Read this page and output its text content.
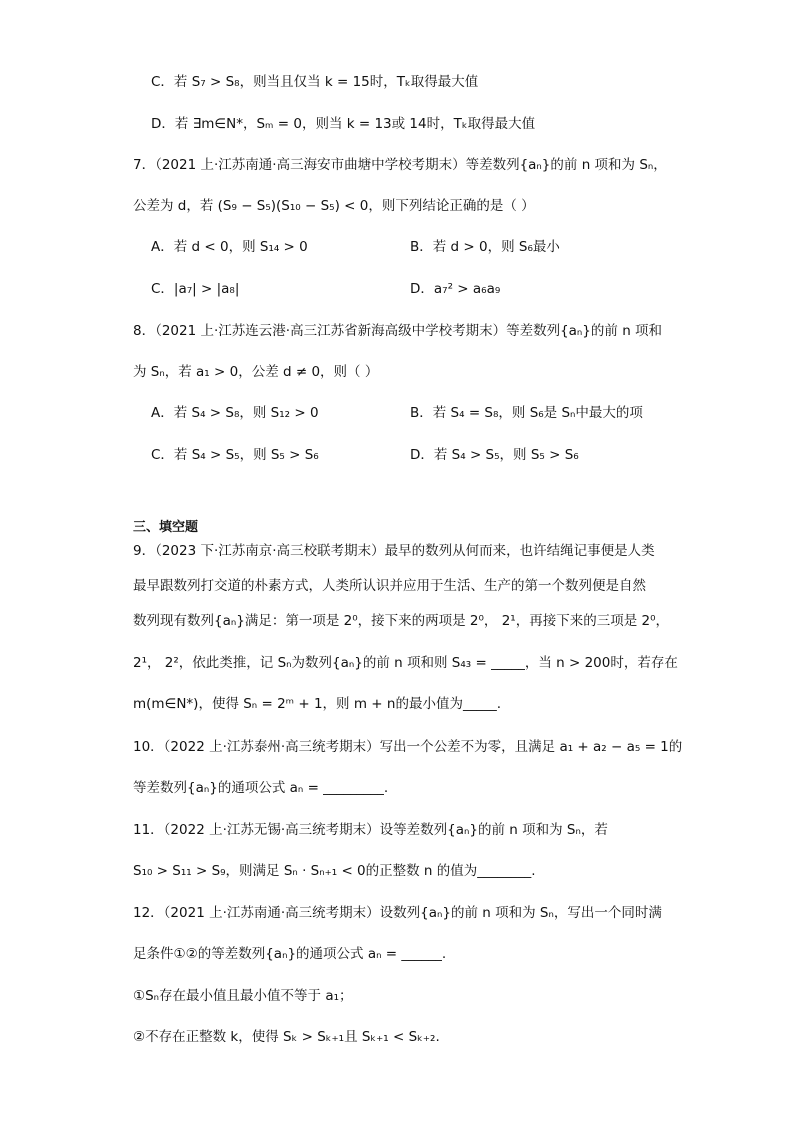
C．若 S₇ > S₈，则当且仅当 k = 15时，Tₖ取得最大值
D．若 ∃m∈N*，Sₘ = 0，则当 k = 13或 14时，Tₖ取得最大值
7．（2021 上·江苏南通·高三海安市曲塘中学校考期末）等差数列{aₙ}的前 n 项和为 Sₙ，
公差为 d，若 (S₉ − S₅)(S₁₀ − S₅) < 0，则下列结论正确的是（ ）
A．若 d < 0，则 S₁₄ > 0	B．若 d > 0，则 S₆最小
C．|a₇| > |a₈|	D．a₇² > a₆a₉
8．（2021 上·江苏连云港·高三江苏省新海高级中学校考期末）等差数列{aₙ}的前 n 项和
为 Sₙ，若 a₁ > 0，公差 d ≠ 0，则（ ）
A．若 S₄ > S₈，则 S₁₂ > 0	B．若 S₄ = S₈，则 S₆是 Sₙ中最大的项
C．若 S₄ > S₅，则 S₅ > S₆	D．若 S₄ > S₅，则 S₅ > S₆
三、填空题
9．（2023 下·江苏南京·高三校联考期末）最早的数列从何而来，也许结绳记事便是人类
最早跟数列打交道的朴素方式，人类所认识并应用于生活、生产的第一个数列便是自然
数列现有数列{aₙ}满足：第一项是 2⁰，接下来的两项是 2⁰， 2¹，再接下来的三项是 2⁰，
2¹， 2²，依此类推，记 Sₙ为数列{aₙ}的前 n 项和则 S₄₃ = _____，当 n > 200时，若存在
m(m∈N*)，使得 Sₙ = 2ᵐ + 1，则 m + n的最小值为_____.
10．（2022 上·江苏泰州·高三统考期末）写出一个公差不为零，且满足 a₁ + a₂ − a₅ = 1的
等差数列{aₙ}的通项公式 aₙ = _________.
11．（2022 上·江苏无锡·高三统考期末）设等差数列{aₙ}的前 n 项和为 Sₙ，若
S₁₀ > S₁₁ > S₉，则满足 Sₙ · Sₙ₊₁ < 0的正整数 n 的值为________.
12．（2021 上·江苏南通·高三统考期末）设数列{aₙ}的前 n 项和为 Sₙ，写出一个同时满
足条件①②的等差数列{aₙ}的通项公式 aₙ = ______.
①Sₙ存在最小值且最小值不等于 a₁；
②不存在正整数 k，使得 Sₖ > Sₖ₊₁且 Sₖ₊₁ < Sₖ₊₂.
